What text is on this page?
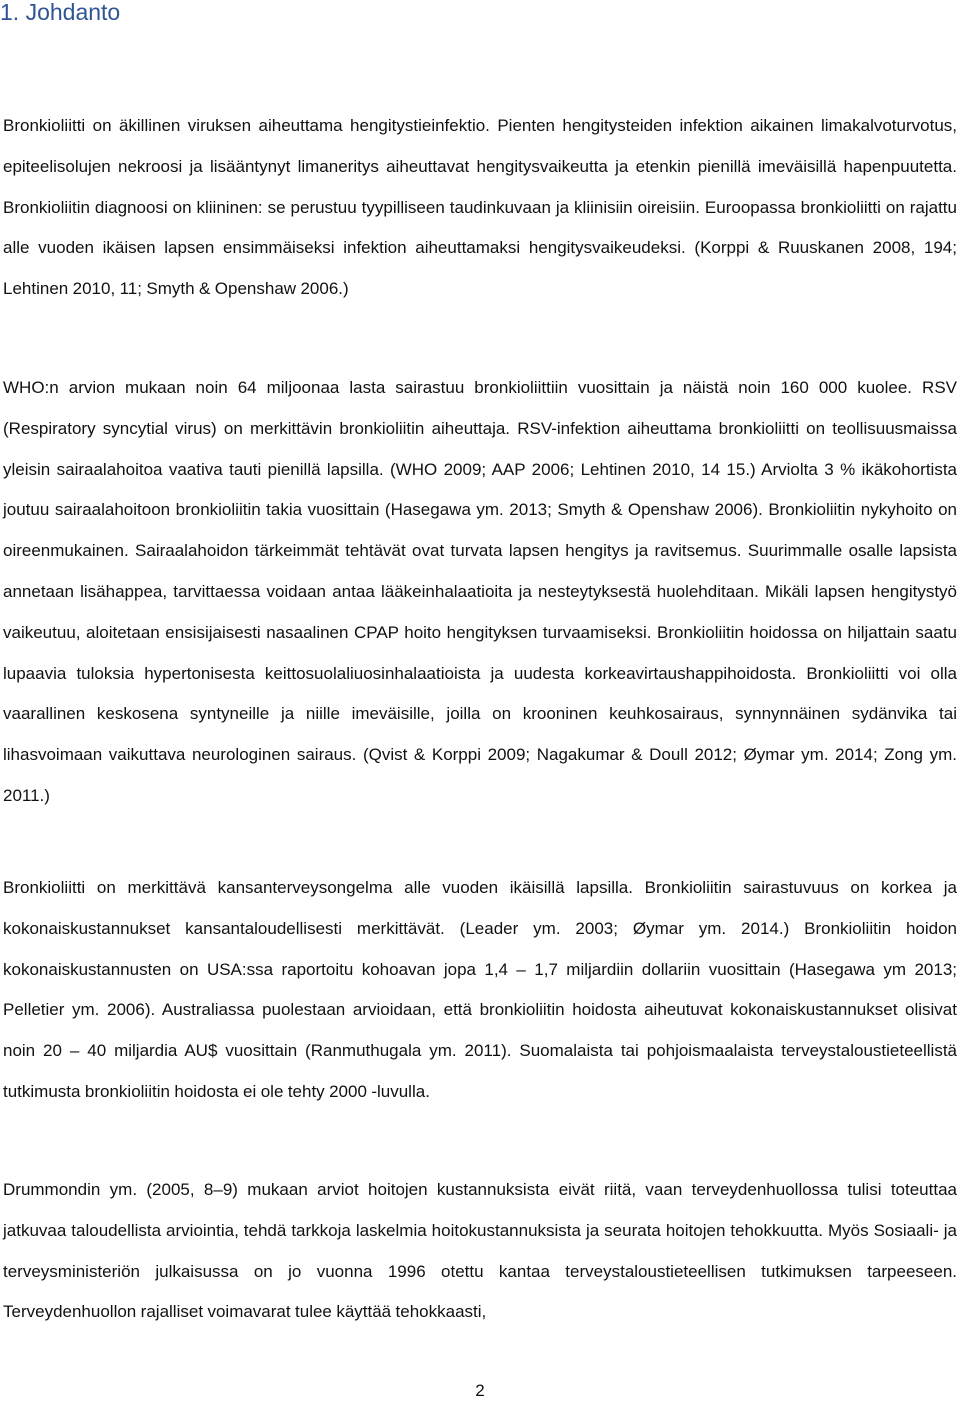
1. Johdanto

Bronkioliitti on äkillinen viruksen aiheuttama hengitystieinfektio. Pienten hengitysteiden infektion aikainen limakalvoturvotus, epiteelisolujen nekroosi ja lisääntynyt limaneritys aiheuttavat hengitysvaikeutta ja etenkin pienillä imeväisillä hapenpuutetta. Bronkioliitin diagnoosi on kliininen: se perustuu tyypilliseen taudinkuvaan ja kliinisiin oireisiin. Euroopassa bronkioliitti on rajattu alle vuoden ikäisen lapsen ensimmäiseksi infektion aiheuttamaksi hengitysvaikeudeksi. (Korppi & Ruuskanen 2008, 194; Lehtinen 2010, 11; Smyth & Openshaw 2006.)

WHO:n arvion mukaan noin 64 miljoonaa lasta sairastuu bronkioliittiin vuosittain ja näistä noin 160 000 kuolee. RSV (Respiratory syncytial virus) on merkittävin bronkioliitin aiheuttaja. RSV-infektion aiheuttama bronkioliitti on teollisuusmaissa yleisin sairaalahoitoa vaativa tauti pienillä lapsilla. (WHO 2009; AAP 2006; Lehtinen 2010, 14 15.) Arviolta 3 % ikäkohortista joutuu sairaalahoitoon bronkioliitin takia vuosittain (Hasegawa ym. 2013; Smyth & Openshaw 2006). Bronkioliitin nykyhoito on oireenmukainen. Sairaalahoidon tärkeimmät tehtävät ovat turvata lapsen hengitys ja ravitsemus. Suurimmalle osalle lapsista annetaan lisähappea, tarvittaessa voidaan antaa lääkeinhalaatioita ja nesteytyksestä huolehditaan. Mikäli lapsen hengitystyö vaikeutuu, aloitetaan ensisijaisesti nasaalinen CPAP hoito hengityksen turvaamiseksi. Bronkioliitin hoidossa on hiljattain saatu lupaavia tuloksia hypertonisesta keittosuolaliuosinhalaatioista ja uudesta korkeavirtaushappihoidosta. Bronkioliitti voi olla vaarallinen keskosena syntyneille ja niille imeväisille, joilla on krooninen keuhkosairaus, synnynnäinen sydänvika tai lihasvoimaan vaikuttava neurologinen sairaus. (Qvist & Korppi 2009; Nagakumar & Doull 2012; Øymar ym. 2014; Zong ym. 2011.)

Bronkioliitti on merkittävä kansanterveysongelma alle vuoden ikäisillä lapsilla. Bronkioliitin sairastuvuus on korkea ja kokonaiskustannukset kansantaloudellisesti merkittävät. (Leader ym. 2003; Øymar ym. 2014.) Bronkioliitin hoidon kokonaiskustannusten on USA:ssa raportoitu kohoavan jopa 1,4 – 1,7 miljardiin dollariin vuosittain (Hasegawa ym 2013; Pelletier ym. 2006). Australiassa puolestaan arvioidaan, että bronkioliitin hoidosta aiheutuvat kokonaiskustannukset olisivat noin 20 – 40 miljardia AU$ vuosittain (Ranmuthugala ym. 2011). Suomalaista tai pohjoismaalaista terveystaloustieteellistä tutkimusta bronkioliitin hoidosta ei ole tehty 2000 -luvulla.

Drummondin ym. (2005, 8–9) mukaan arviot hoitojen kustannuksista eivät riitä, vaan terveydenhuollossa tulisi toteuttaa jatkuvaa taloudellista arviointia, tehdä tarkkoja laskelmia hoitokustannuksista ja seurata hoitojen tehokkuutta. Myös Sosiaali- ja terveysministeriön julkaisussa on jo vuonna 1996 otettu kantaa terveystaloustieteellisen tutkimuksen tarpeeseen. Terveydenhuollon rajalliset voimavarat tulee käyttää tehokkaasti,

2
